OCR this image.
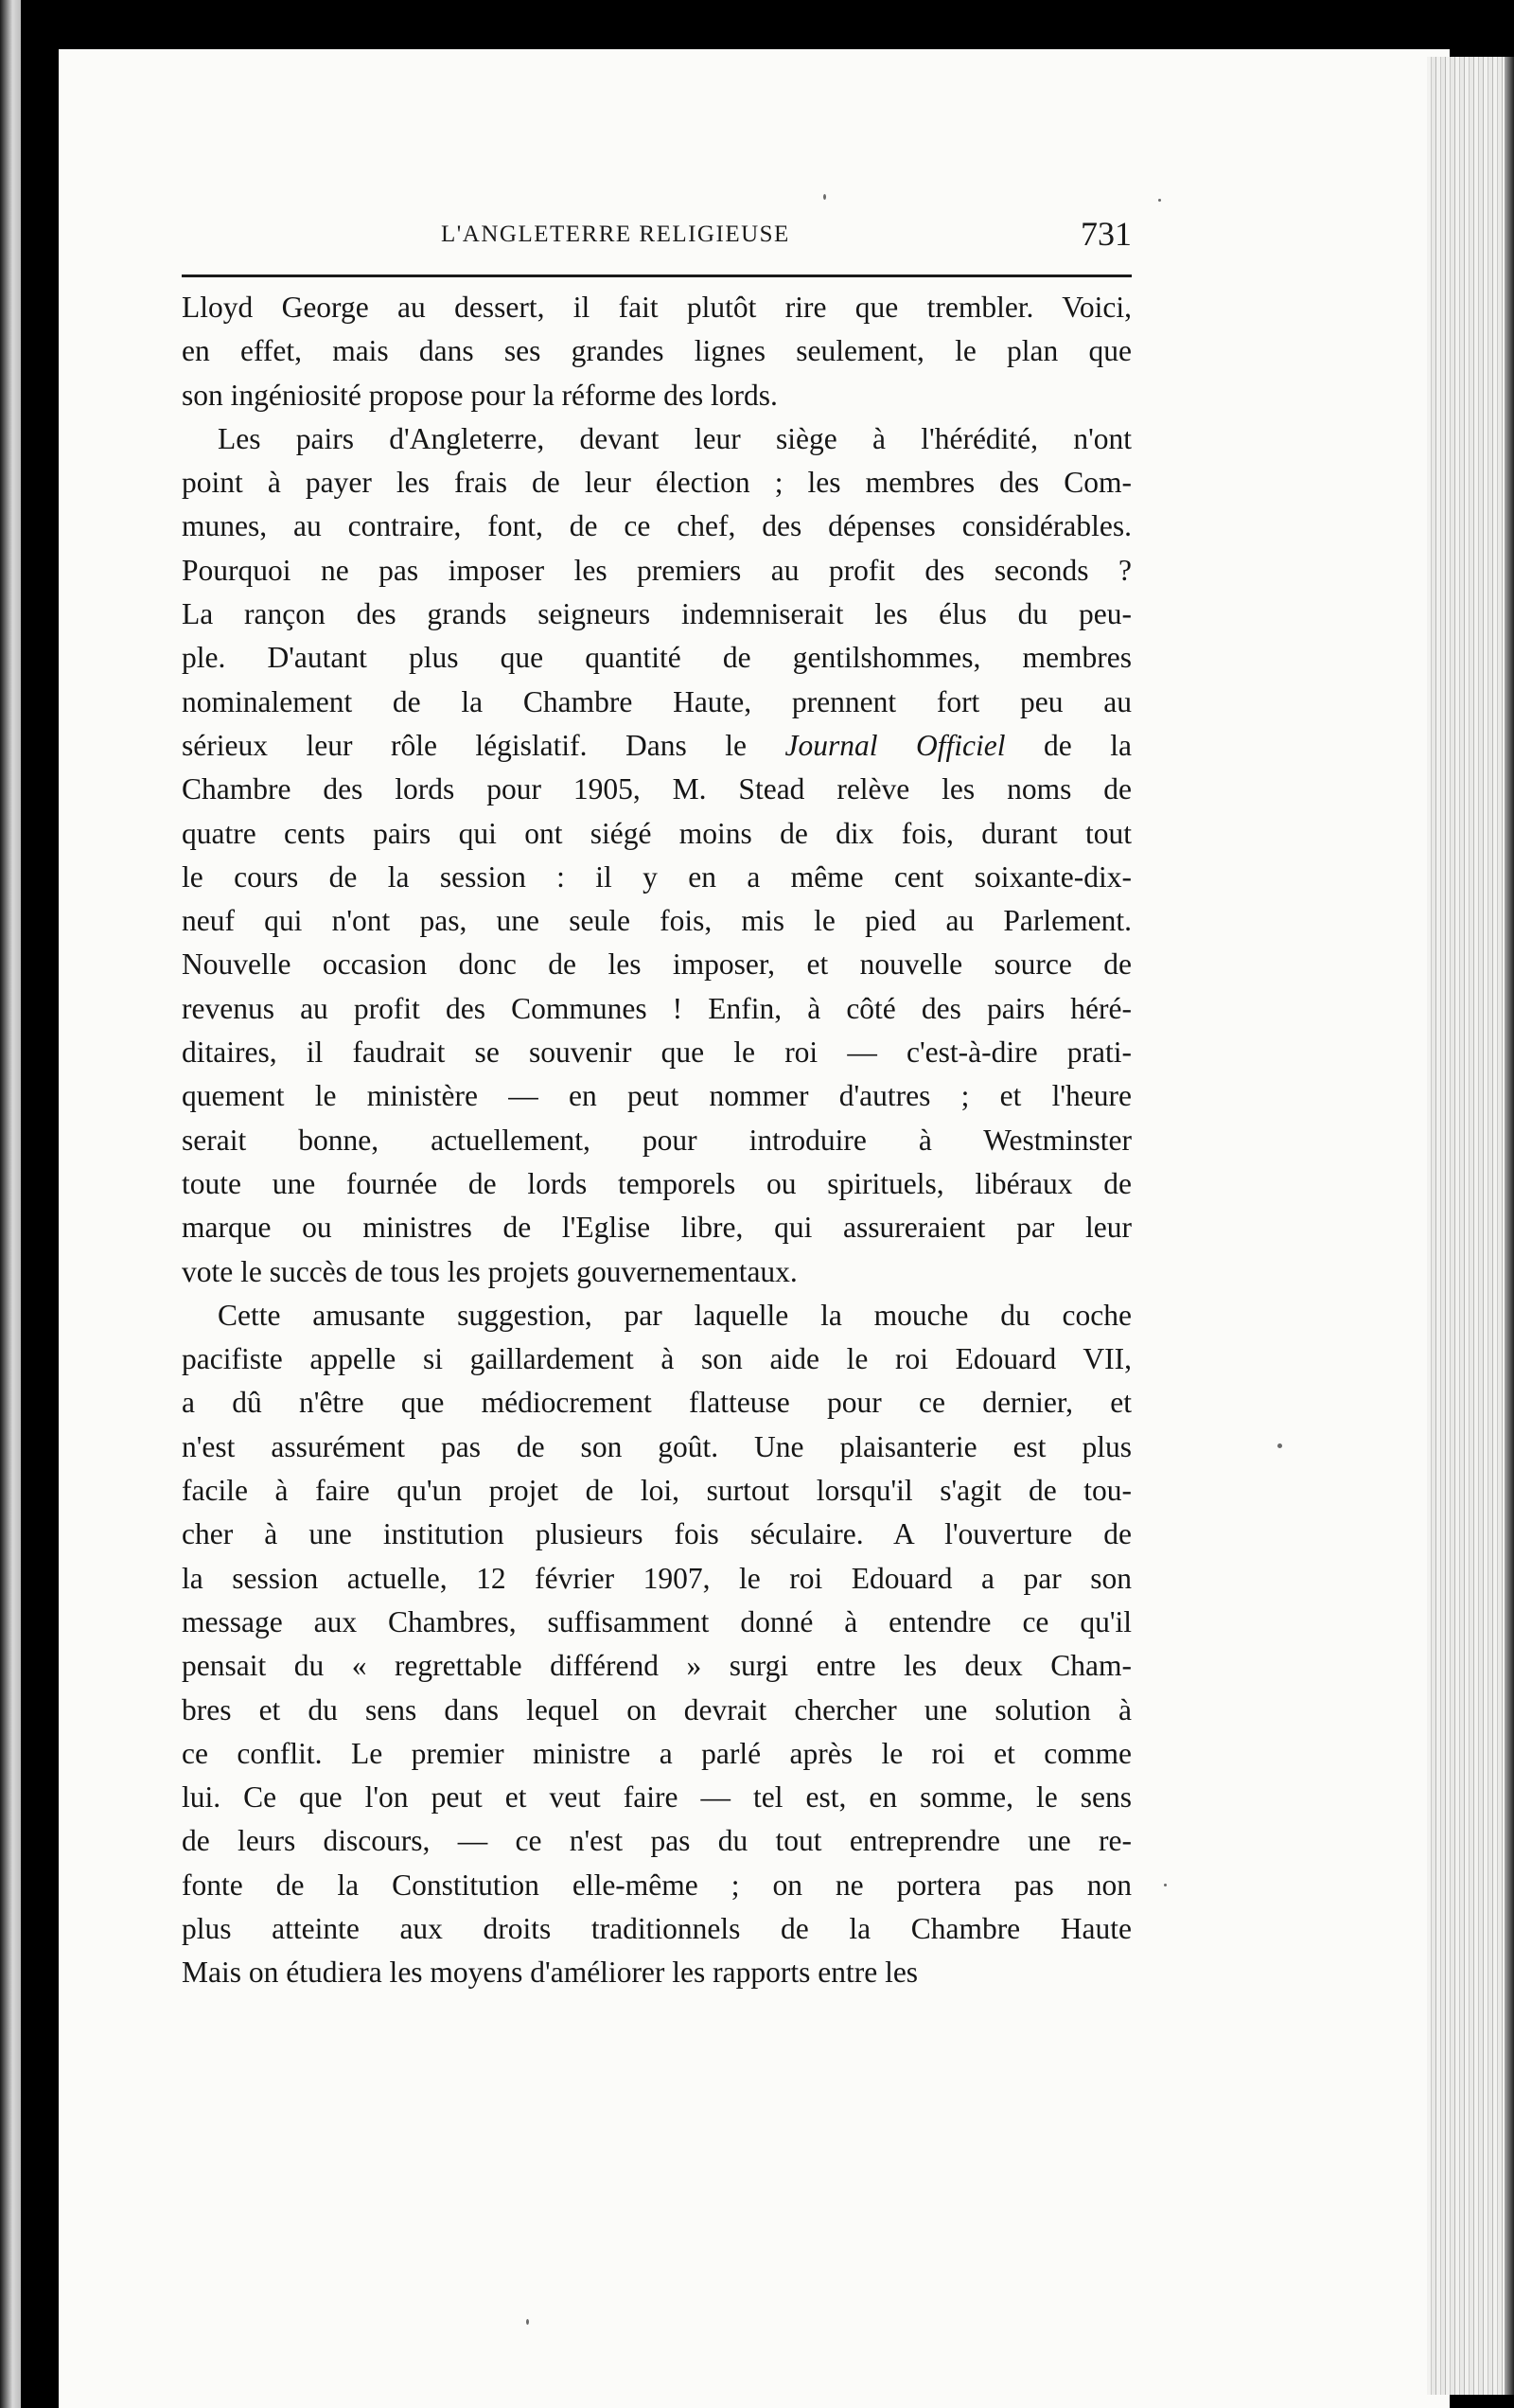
L'ANGLETERRE RELIGIEUSE	731
Lloyd George au dessert, il fait plutôt rire que trembler. Voici,
en effet, mais dans ses grandes lignes seulement, le plan que
son ingéniosité propose pour la réforme des lords.
Les pairs d'Angleterre, devant leur siège à l'hérédité, n'ont
point à payer les frais de leur élection ; les membres des Com-
munes, au contraire, font, de ce chef, des dépenses considérables.
Pourquoi ne pas imposer les premiers au profit des seconds ?
La rançon des grands seigneurs indemniserait les élus du peu-
ple. D'autant plus que quantité de gentilshommes, membres
nominalement de la Chambre Haute, prennent fort peu au
sérieux leur rôle législatif. Dans le Journal Officiel de la
Chambre des lords pour 1905, M. Stead relève les noms de
quatre cents pairs qui ont siégé moins de dix fois, durant tout
le cours de la session : il y en a même cent soixante-dix-
neuf qui n'ont pas, une seule fois, mis le pied au Parlement.
Nouvelle occasion donc de les imposer, et nouvelle source de
revenus au profit des Communes ! Enfin, à côté des pairs héré-
ditaires, il faudrait se souvenir que le roi — c'est-à-dire prati-
quement le ministère — en peut nommer d'autres ; et l'heure
serait bonne, actuellement, pour introduire à Westminster
toute une fournée de lords temporels ou spirituels, libéraux de
marque ou ministres de l'Eglise libre, qui assureraient par leur
vote le succès de tous les projets gouvernementaux.
Cette amusante suggestion, par laquelle la mouche du coche
pacifiste appelle si gaillardement à son aide le roi Edouard VII,
a dû n'être que médiocrement flatteuse pour ce dernier, et
n'est assurément pas de son goût. Une plaisanterie est plus
facile à faire qu'un projet de loi, surtout lorsqu'il s'agit de tou-
cher à une institution plusieurs fois séculaire. A l'ouverture de
la session actuelle, 12 février 1907, le roi Edouard a par son
message aux Chambres, suffisamment donné à entendre ce qu'il
pensait du « regrettable différend » surgi entre les deux Cham-
bres et du sens dans lequel on devrait chercher une solution à
ce conflit. Le premier ministre a parlé après le roi et comme
lui. Ce que l'on peut et veut faire — tel est, en somme, le sens
de leurs discours, — ce n'est pas du tout entreprendre une re-
fonte de la Constitution elle-même ; on ne portera pas non
plus atteinte aux droits traditionnels de la Chambre Haute
Mais on étudiera les moyens d'améliorer les rapports entre les
